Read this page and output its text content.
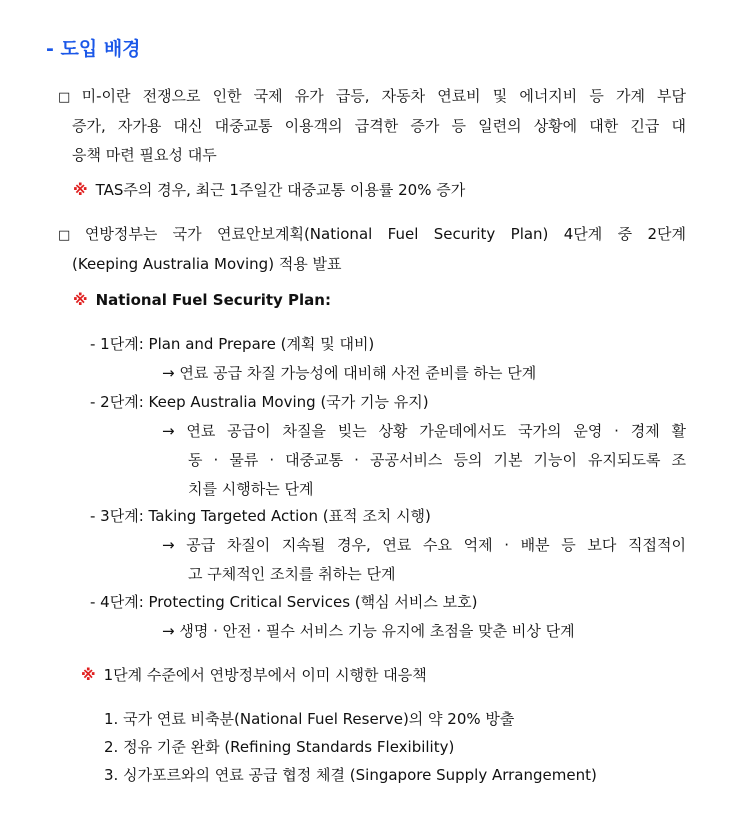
- 도입 배경
□ 미-이란 전쟁으로 인한 국제 유가 급등, 자동차 연료비 및 에너지비 등 가계 부담
증가, 자가용 대신 대중교통 이용객의 급격한 증가 등 일련의 상황에 대한 긴급 대
응책 마련 필요성 대두
※ TAS주의 경우, 최근 1주일간 대중교통 이용률 20% 증가
□ 연방정부는 국가 연료안보계획(National Fuel Security Plan) 4단계 중 2단계
(Keeping Australia Moving) 적용 발표
※ National Fuel Security Plan:
- 1단계: Plan and Prepare (계획 및 대비)
→ 연료 공급 차질 가능성에 대비해 사전 준비를 하는 단계
- 2단계: Keep Australia Moving (국가 기능 유지)
→ 연료 공급이 차질을 빚는 상황 가운데에서도 국가의 운영 · 경제 활
동 · 물류 · 대중교통 · 공공서비스 등의 기본 기능이 유지되도록 조
치를 시행하는 단계
- 3단계: Taking Targeted Action (표적 조치 시행)
→ 공급 차질이 지속될 경우, 연료 수요 억제 · 배분 등 보다 직접적이
고 구체적인 조치를 취하는 단계
- 4단계: Protecting Critical Services (핵심 서비스 보호)
→ 생명 · 안전 · 필수 서비스 기능 유지에 초점을 맞춘 비상 단계
※ 1단계 수준에서 연방정부에서 이미 시행한 대응책
1. 국가 연료 비축분(National Fuel Reserve)의 약 20% 방출
2. 정유 기준 완화 (Refining Standards Flexibility)
3. 싱가포르와의 연료 공급 협정 체결 (Singapore Supply Arrangement)
